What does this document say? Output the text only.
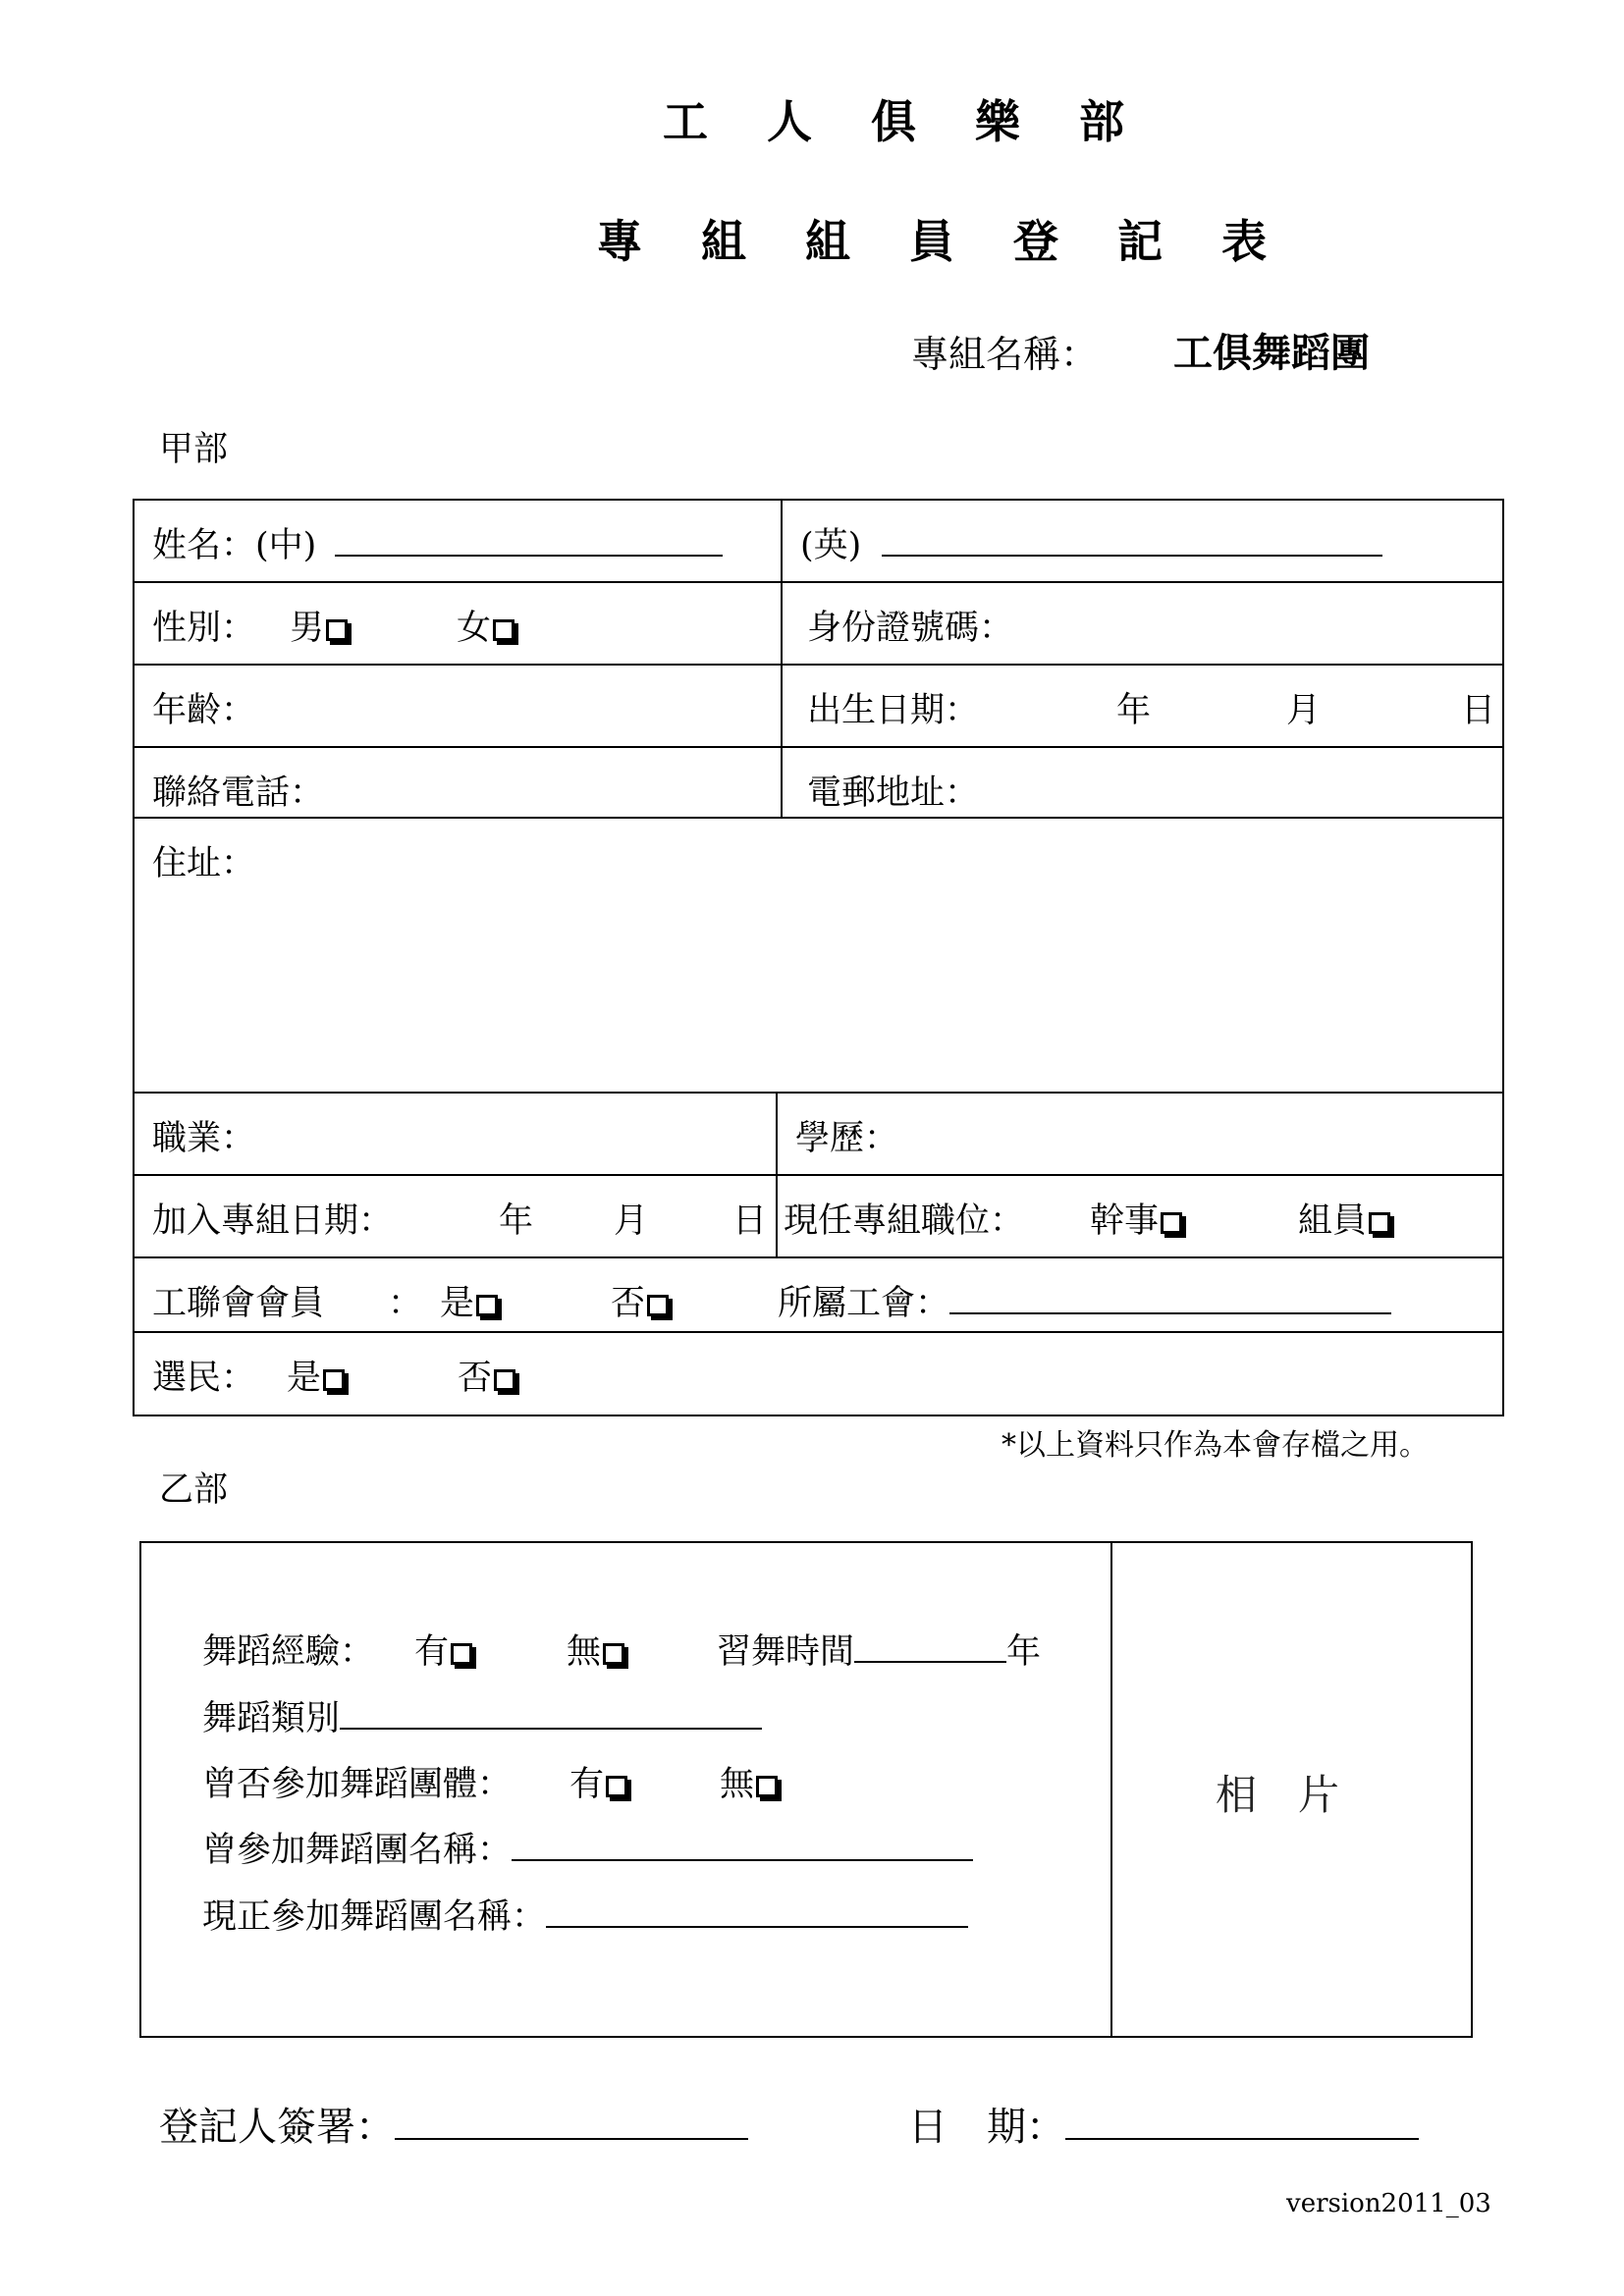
工 人 俱 樂 部
專 組 組 員 登 記 表
專組名稱： 工俱舞蹈團
甲部
姓名：(中)	(英)
性別： 男	女	身份證號碼：
年齡：	出生日期：	年	月	日
聯絡電話：	電郵地址：
住址：
職業：	學歷：
加入專組日期：	年 月 日 現任專組職位： 幹事	組員
工聯會會員 ： 是	否	所屬工會：
選民： 是	否
*以上資料只作為本會存檔之用。
乙部
舞蹈經驗： 有	無	習舞時間	年
舞蹈類別
曾否參加舞蹈團體： 有	無
曾參加舞蹈團名稱：
現正參加舞蹈團名稱：
相　片
登記人簽署：	日　期：
version2011_03
